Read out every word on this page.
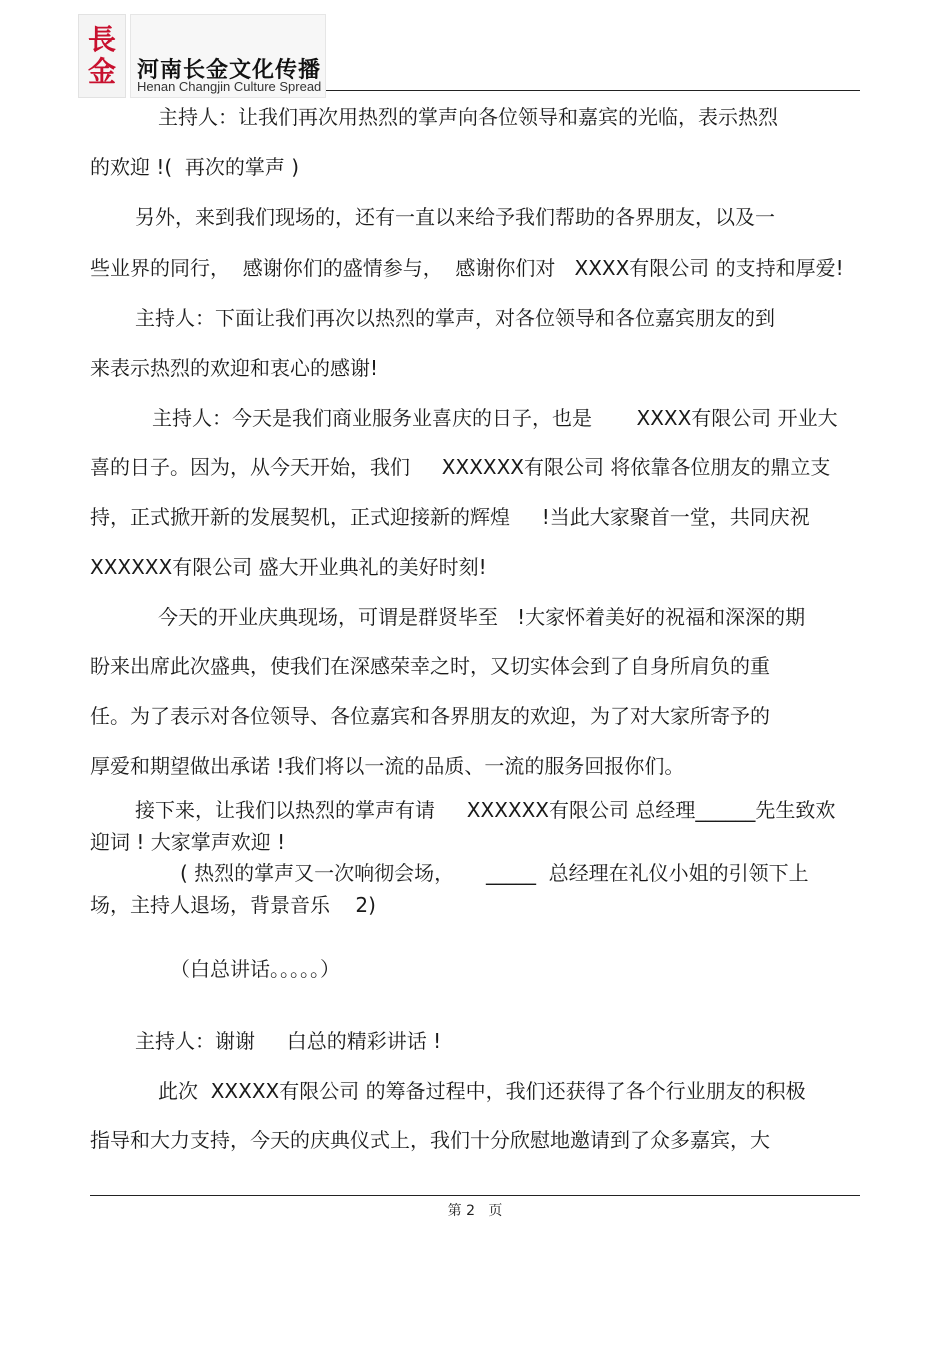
長
金 河南长金文化传播
Henan Changjin Culture Spread
主持人：让我们再次用热烈的掌声向各位领导和嘉宾的光临，表示热烈
的欢迎 !(  再次的掌声 )
另外，来到我们现场的，还有一直以来给予我们帮助的各界朋友，以及一
些业界的同行，  感谢你们的盛情参与，  感谢你们对   XXXX有限公司 的支持和厚爱!
主持人：下面让我们再次以热烈的掌声，对各位领导和各位嘉宾朋友的到
来表示热烈的欢迎和衷心的感谢!
主持人：今天是我们商业服务业喜庆的日子，也是       XXXX有限公司 开业大
喜的日子。因为，从今天开始，我们     XXXXXX有限公司 将依靠各位朋友的鼎立支
持，正式掀开新的发展契机，正式迎接新的辉煌     !当此大家聚首一堂，共同庆祝
XXXXXX有限公司 盛大开业典礼的美好时刻!
今天的开业庆典现场，可谓是群贤毕至   !大家怀着美好的祝福和深深的期
盼来出席此次盛典，使我们在深感荣幸之时，又切实体会到了自身所肩负的重
任。为了表示对各位领导、各位嘉宾和各界朋友的欢迎，为了对大家所寄予的
厚爱和期望做出承诺 !我们将以一流的品质、一流的服务回报你们。
接下来，让我们以热烈的掌声有请     XXXXXX有限公司 总经理______先生致欢
迎词 ! 大家掌声欢迎 !
( 热烈的掌声又一次响彻会场，     _____  总经理在礼仪小姐的引领下上
场，主持人退场，背景音乐    2)
（白总讲话。。。。。）
主持人：谢谢     白总的精彩讲话 !
此次  XXXXX有限公司 的筹备过程中，我们还获得了各个行业朋友的积极
指导和大力支持，今天的庆典仪式上，我们十分欣慰地邀请到了众多嘉宾，大
第 2   页
